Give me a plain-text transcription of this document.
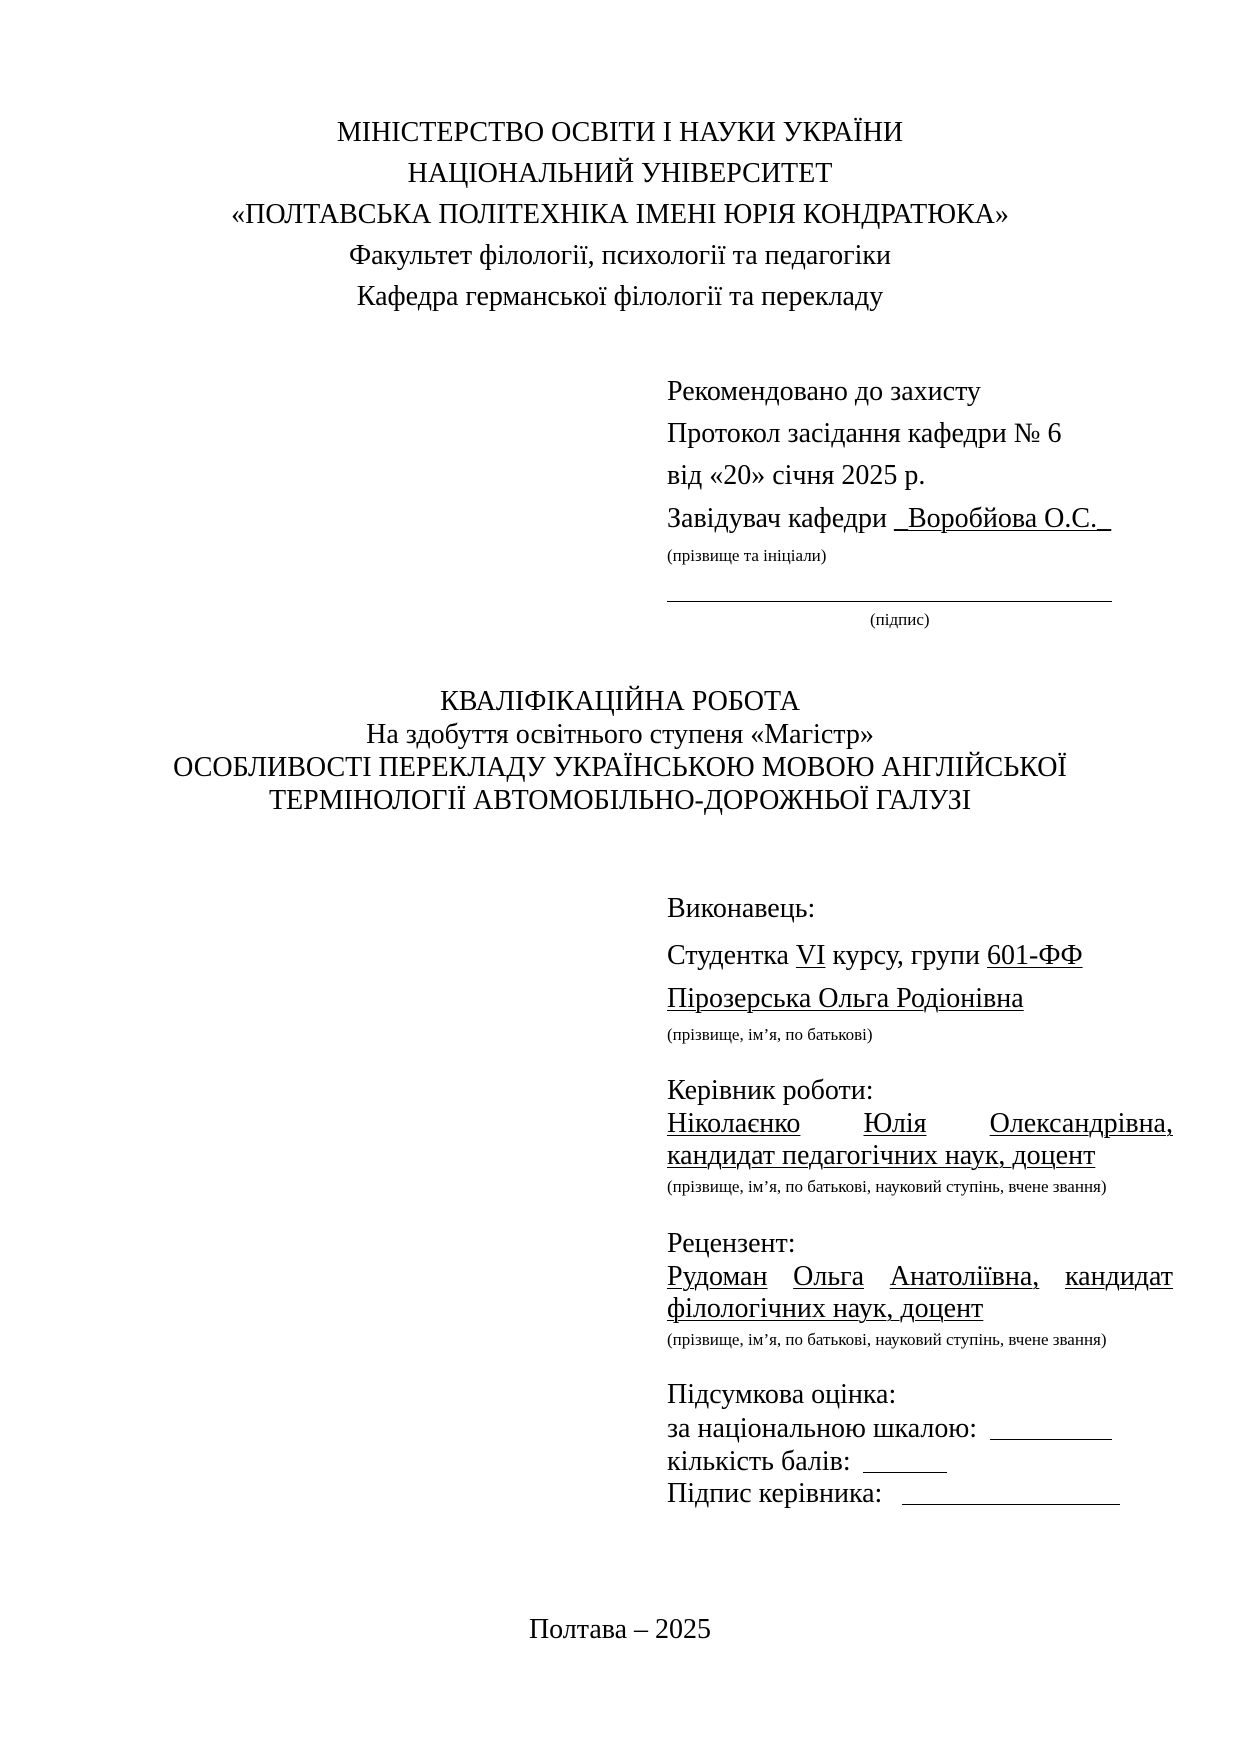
МІНІСТЕРСТВО ОСВІТИ І НАУКИ УКРАЇНИ
НАЦІОНАЛЬНИЙ УНІВЕРСИТЕТ
«ПОЛТАВСЬКА ПОЛІТЕХНІКА ІМЕНІ ЮРІЯ КОНДРАТЮКА»
Факультет філології, психології та педагогіки
Кафедра германської філології та перекладу
Рекомендовано до захисту
Протокол засідання кафедри № 6
від «20» січня 2025 р.
Завідувач кафедри _Воробйова О.С._
(прізвище та ініціали)
(підпис)
КВАЛІФІКАЦІЙНА РОБОТА
На здобуття освітнього ступеня «Магістр»
ОСОБЛИВОСТІ ПЕРЕКЛАДУ УКРАЇНСЬКОЮ МОВОЮ АНГЛІЙСЬКОЇ
ТЕРМІНОЛОГІЇ АВТОМОБІЛЬНО-ДОРОЖНЬОЇ ГАЛУЗІ
Виконавець:
Студентка VI курсу, групи 601-ФФ
Пірозерська Ольга Родіонівна
(прізвище, ім’я, по батькові)
Керівник роботи:
Ніколаєнко Юлія Олександрівна,
кандидат педагогічних наук, доцент
(прізвище, ім’я, по батькові, науковий ступінь, вчене звання)
Рецензент:
Рудоман Ольга Анатоліївна, кандидат
філологічних наук, доцент
(прізвище, ім’я, по батькові, науковий ступінь, вчене звання)
Підсумкова оцінка:
за національною шкалою:
кількість балів:
Підпис керівника:
Полтава – 2025
